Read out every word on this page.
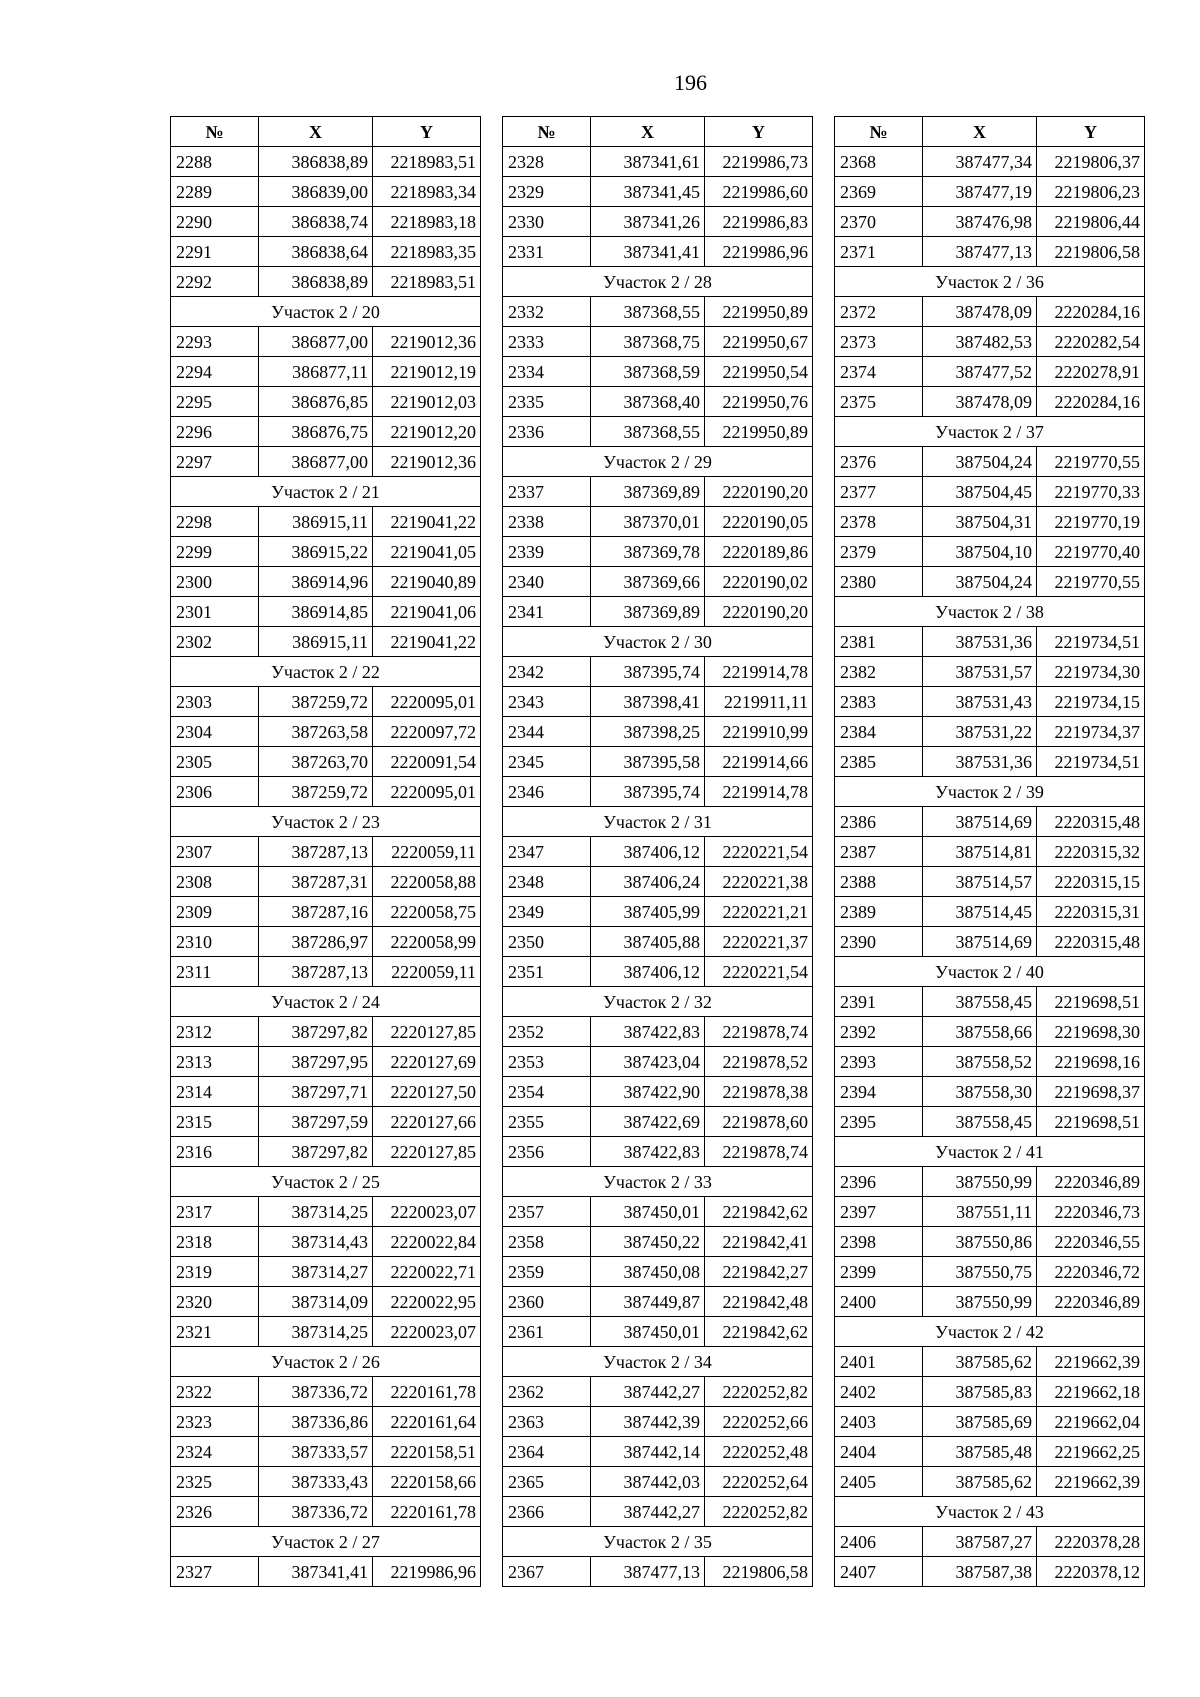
196
№	X	Y
2288	386838,89	2218983,51
2289	386839,00	2218983,34
2290	386838,74	2218983,18
2291	386838,64	2218983,35
2292	386838,89	2218983,51
Участок 2 / 20		
2293	386877,00	2219012,36
2294	386877,11	2219012,19
2295	386876,85	2219012,03
2296	386876,75	2219012,20
2297	386877,00	2219012,36
Участок 2 / 21		
2298	386915,11	2219041,22
2299	386915,22	2219041,05
2300	386914,96	2219040,89
2301	386914,85	2219041,06
2302	386915,11	2219041,22
Участок 2 / 22		
2303	387259,72	2220095,01
2304	387263,58	2220097,72
2305	387263,70	2220091,54
2306	387259,72	2220095,01
Участок 2 / 23		
2307	387287,13	2220059,11
2308	387287,31	2220058,88
2309	387287,16	2220058,75
2310	387286,97	2220058,99
2311	387287,13	2220059,11
Участок 2 / 24		
2312	387297,82	2220127,85
2313	387297,95	2220127,69
2314	387297,71	2220127,50
2315	387297,59	2220127,66
2316	387297,82	2220127,85
Участок 2 / 25		
2317	387314,25	2220023,07
2318	387314,43	2220022,84
2319	387314,27	2220022,71
2320	387314,09	2220022,95
2321	387314,25	2220023,07
Участок 2 / 26		
2322	387336,72	2220161,78
2323	387336,86	2220161,64
2324	387333,57	2220158,51
2325	387333,43	2220158,66
2326	387336,72	2220161,78
Участок 2 / 27		
2327	387341,41	2219986,96
№	X	Y
2328	387341,61	2219986,73
2329	387341,45	2219986,60
2330	387341,26	2219986,83
2331	387341,41	2219986,96
Участок 2 / 28		
2332	387368,55	2219950,89
2333	387368,75	2219950,67
2334	387368,59	2219950,54
2335	387368,40	2219950,76
2336	387368,55	2219950,89
Участок 2 / 29		
2337	387369,89	2220190,20
2338	387370,01	2220190,05
2339	387369,78	2220189,86
2340	387369,66	2220190,02
2341	387369,89	2220190,20
Участок 2 / 30		
2342	387395,74	2219914,78
2343	387398,41	2219911,11
2344	387398,25	2219910,99
2345	387395,58	2219914,66
2346	387395,74	2219914,78
Участок 2 / 31		
2347	387406,12	2220221,54
2348	387406,24	2220221,38
2349	387405,99	2220221,21
2350	387405,88	2220221,37
2351	387406,12	2220221,54
Участок 2 / 32		
2352	387422,83	2219878,74
2353	387423,04	2219878,52
2354	387422,90	2219878,38
2355	387422,69	2219878,60
2356	387422,83	2219878,74
Участок 2 / 33		
2357	387450,01	2219842,62
2358	387450,22	2219842,41
2359	387450,08	2219842,27
2360	387449,87	2219842,48
2361	387450,01	2219842,62
Участок 2 / 34		
2362	387442,27	2220252,82
2363	387442,39	2220252,66
2364	387442,14	2220252,48
2365	387442,03	2220252,64
2366	387442,27	2220252,82
Участок 2 / 35		
2367	387477,13	2219806,58
№	X	Y
2368	387477,34	2219806,37
2369	387477,19	2219806,23
2370	387476,98	2219806,44
2371	387477,13	2219806,58
Участок 2 / 36		
2372	387478,09	2220284,16
2373	387482,53	2220282,54
2374	387477,52	2220278,91
2375	387478,09	2220284,16
Участок 2 / 37		
2376	387504,24	2219770,55
2377	387504,45	2219770,33
2378	387504,31	2219770,19
2379	387504,10	2219770,40
2380	387504,24	2219770,55
Участок 2 / 38		
2381	387531,36	2219734,51
2382	387531,57	2219734,30
2383	387531,43	2219734,15
2384	387531,22	2219734,37
2385	387531,36	2219734,51
Участок 2 / 39		
2386	387514,69	2220315,48
2387	387514,81	2220315,32
2388	387514,57	2220315,15
2389	387514,45	2220315,31
2390	387514,69	2220315,48
Участок 2 / 40		
2391	387558,45	2219698,51
2392	387558,66	2219698,30
2393	387558,52	2219698,16
2394	387558,30	2219698,37
2395	387558,45	2219698,51
Участок 2 / 41		
2396	387550,99	2220346,89
2397	387551,11	2220346,73
2398	387550,86	2220346,55
2399	387550,75	2220346,72
2400	387550,99	2220346,89
Участок 2 / 42		
2401	387585,62	2219662,39
2402	387585,83	2219662,18
2403	387585,69	2219662,04
2404	387585,48	2219662,25
2405	387585,62	2219662,39
Участок 2 / 43		
2406	387587,27	2220378,28
2407	387587,38	2220378,12
